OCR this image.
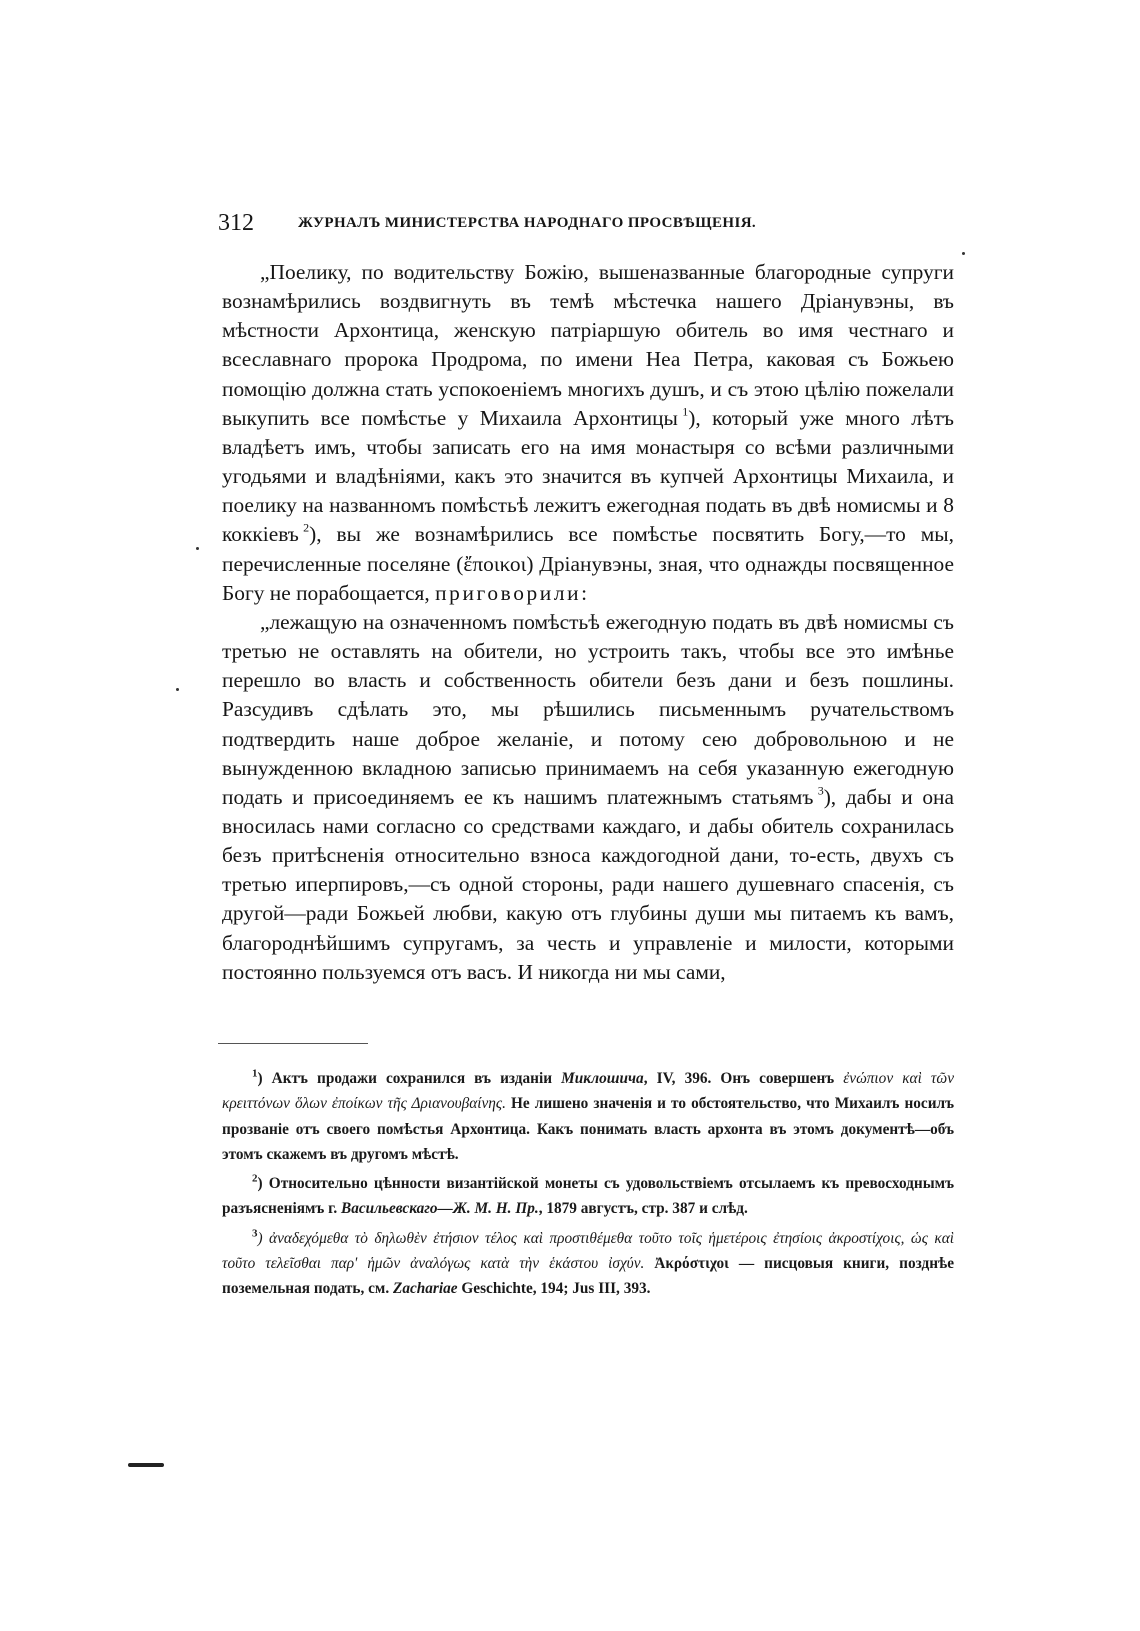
312	ЖУРНАЛЪ МИНИСТЕРСТВА НАРОДНАГО ПРОСВѢЩЕНІЯ.

„Поелику, по водительству Божію, вышеназванные благородные супруги вознамѣрились воздвигнуть въ темѣ мѣстечка нашего Дріанувэны, въ мѣстности Архонтица, женскую патріаршую обитель во имя честнаго и всеславнаго пророка Продрома, по имени Неа Петра, каковая съ Божьею помощію должна стать успокоеніемъ многихъ душъ, и съ этою цѣлію пожелали выкупить все помѣстье у Михаила Архонтицы  $^1$), который уже много лѣтъ владѣетъ имъ, чтобы записать его на имя монастыря со всѣми различными угодьями и владѣніями, какъ это значится въ купчей Архонтицы Михаила, и поелику на названномъ помѣстьѣ лежитъ ежегодная подать въ двѣ номисмы и 8 коккіевъ  $^2$), вы же вознамѣрились все помѣстье посвятить Богу,—то мы, перечисленные поселяне (ἔποικοι) Дріанувэны, зная, что однажды посвященное Богу не порабощается, приговорили:

„лежащую на означенномъ помѣстьѣ ежегодную подать въ двѣ номисмы съ третью не оставлять на обители, но устроить такъ, чтобы все это имѣнье перешло во власть и собственность обители безъ дани и безъ пошлины. Разсудивъ сдѣлать это, мы рѣшились письменнымъ ручательствомъ подтвердить наше доброе желаніе, и потому сею добровольною и не вынужденною вкладною записью принимаемъ на себя указанную ежегодную подать и присоединяемъ ее къ нашимъ платежнымъ статьямъ  $^3$), дабы и она вносилась нами согласно со средствами каждаго, и дабы обитель сохранилась безъ притѣсненія относительно взноса каждогодной дани, то-есть, двухъ съ третью иперпировъ,—съ одной стороны, ради нашего душевнаго спасенія, съ другой—ради Божьей любви, какую отъ глубины души мы питаемъ къ вамъ, благороднѣйшимъ супругамъ, за честь и управленіе и милости, которыми постоянно пользуемся отъ васъ. И никогда ни мы сами,

$^1$) Актъ продажи сохранился въ изданіи Миклошича, IV, 396. Онъ совершенъ ἐνώπιον καὶ τῶν κρειττόνων ὅλων ἐποίκων τῆς Δριανουβαίνης. Не лишено значенія и то обстоятельство, что Михаилъ носилъ прозваніе отъ своего помѣстья Архонтица. Какъ понимать власть архонта въ этомъ документѣ—объ этомъ скажемъ въ другомъ мѣстѣ.

$^2$) Относительно цѣнности византійской монеты съ удовольствіемъ отсылаемъ къ превосходнымъ разъясненіямъ г. Васильевскаго—Ж. М. Н. Пр., 1879 августъ, стр. 387 и слѣд.

$^3$) ἀναδεχόμεθα τὸ δηλωθὲν ἐτήσιον τέλος καὶ προστιθέμεθα τοῦτο τοῖς ἡμετέροις ἐτησίοις ἀκροστίχοις, ὡς καὶ τοῦτο τελεῖσθαι παρ' ἡμῶν ἀναλόγως κατὰ τὴν ἑκάστου ἰσχύν. Ἀκρόστιχοι — писцовыя книги, позднѣе поземельная подать, см. Zachariae Geschichte, 194; Jus III, 393.
